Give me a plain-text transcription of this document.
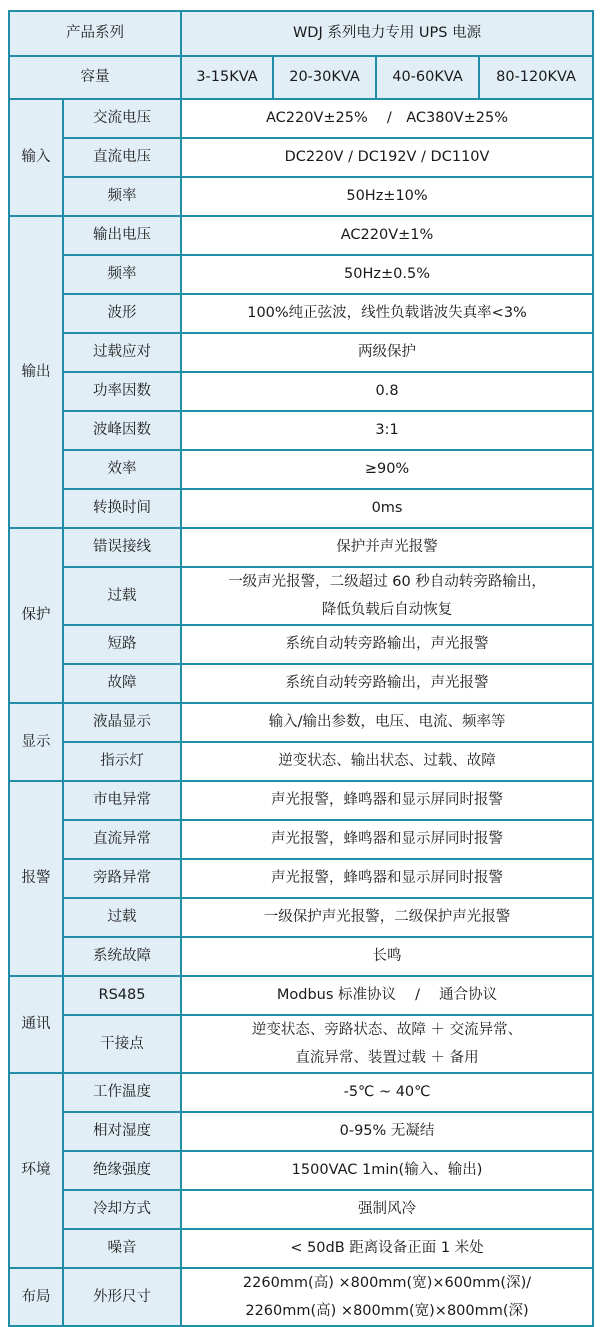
产品系列		WDJ 系列电力专用 UPS 电源			
容量		3-15KVA	20-30KVA	40-60KVA	80-120KVA
输入	交流电压	AC220V±25%　 /　AC380V±25%			
	直流电压	DC220V / DC192V / DC110V			
	频率	50Hz±10%			
输出	输出电压	AC220V±1%			
	频率	50Hz±0.5%			
	波形	100%纯正弦波，线性负载谐波失真率<3%			
	过载应对	两级保护			
	功率因数	0.8			
	波峰因数	3:1			
	效率	≥90%			
	转换时间	0ms			
保护	错误接线	保护并声光报警			
	过载	一级声光报警，二级超过 60 秒自动转旁路输出，
降低负载后自动恢复			

	短路	系统自动转旁路输出，声光报警			
	故障	系统自动转旁路输出，声光报警			
显示	液晶显示	输入/输出参数，电压、电流、频率等			
	指示灯	逆变状态、输出状态、过载、故障			
报警	市电异常	声光报警，蜂鸣器和显示屏同时报警			
	直流异常	声光报警，蜂鸣器和显示屏同时报警			
	旁路异常	声光报警，蜂鸣器和显示屏同时报警			
	过载	一级保护声光报警，二级保护声光报警			
	系统故障	长鸣			
通讯	RS485	Modbus 标准协议　 /　 通合协议			
	干接点	逆变状态、旁路状态、故障 ＋ 交流异常、
直流异常、装置过载 ＋ 备用			

环境	工作温度	-5℃ ~ 40℃			
	相对湿度	0-95% 无凝结			
	绝缘强度	1500VAC 1min(输入、输出)			
	冷却方式	强制风冷			
	噪音	< 50dB 距离设备正面 1 米处			
布局	外形尺寸	2260mm(高) ×800mm(宽)×600mm(深)/
2260mm(高) ×800mm(宽)×800mm(深)			
